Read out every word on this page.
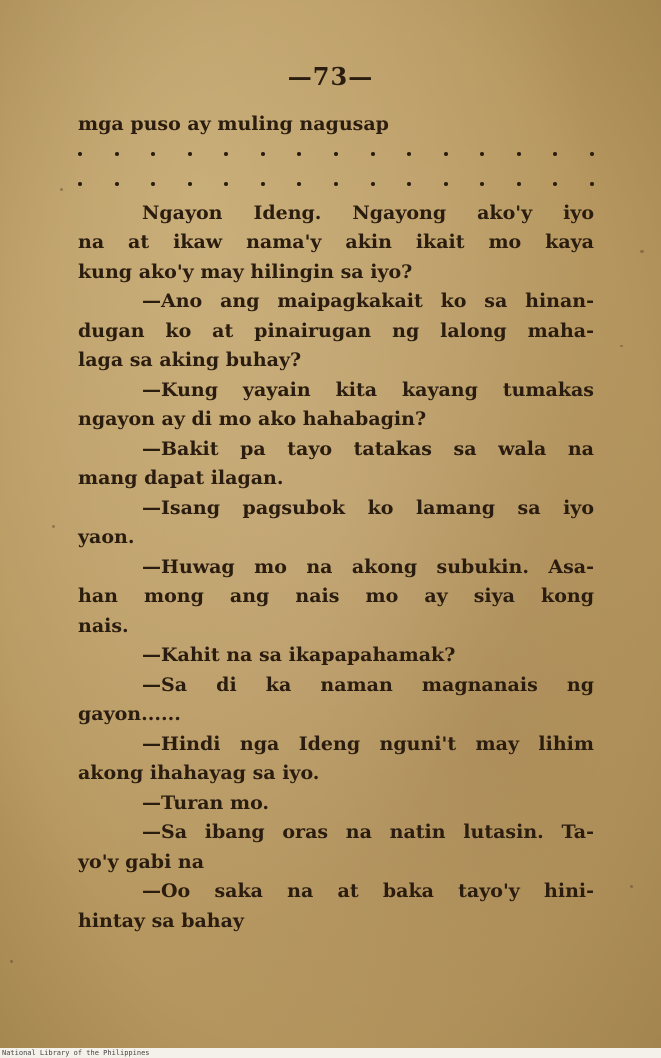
—73—
mga puso ay muling nagusap
Ngayon Ideng. Ngayong ako'y iyo
na at ikaw nama'y akin ikait mo kaya
kung ako'y may hilingin sa iyo?
—Ano ang maipagkakait ko sa hinan-
dugan ko at pinairugan ng lalong maha-
laga sa aking buhay?
—Kung yayain kita kayang tumakas
ngayon ay di mo ako hahabagin?
—Bakit pa tayo tatakas sa wala na
mang dapat ilagan.
—Isang pagsubok ko lamang sa iyo
yaon.
—Huwag mo na akong subukin. Asa-
han mong ang nais mo ay siya kong
nais.
—Kahit na sa ikapapahamak?
—Sa di ka naman magnanais ng
gayon......
—Hindi nga Ideng nguni't may lihim
akong ihahayag sa iyo.
—Turan mo.
—Sa ibang oras na natin lutasin. Ta-
yo'y gabi na
—Oo saka na at baka tayo'y hini-
hintay sa bahay
National Library of the Philippines
